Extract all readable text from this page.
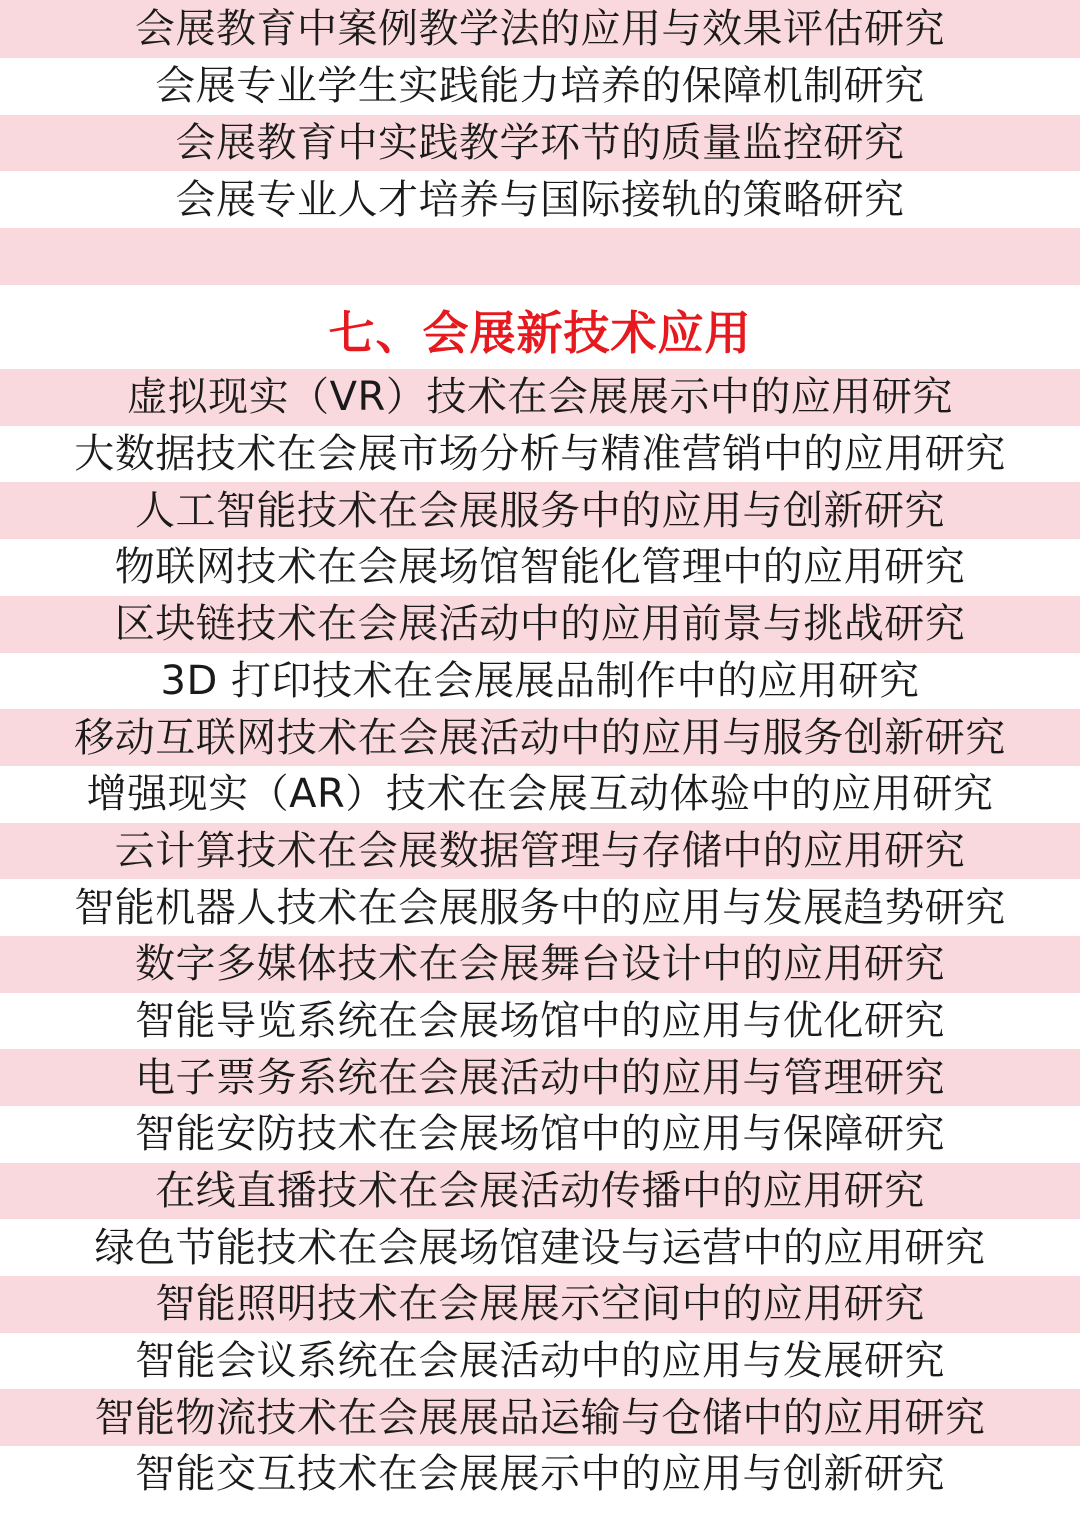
会展教育中案例教学法的应用与效果评估研究
会展专业学生实践能力培养的保障机制研究
会展教育中实践教学环节的质量监控研究
会展专业人才培养与国际接轨的策略研究
七、会展新技术应用
虚拟现实（VR）技术在会展展示中的应用研究
大数据技术在会展市场分析与精准营销中的应用研究
人工智能技术在会展服务中的应用与创新研究
物联网技术在会展场馆智能化管理中的应用研究
区块链技术在会展活动中的应用前景与挑战研究
3D 打印技术在会展展品制作中的应用研究
移动互联网技术在会展活动中的应用与服务创新研究
增强现实（AR）技术在会展互动体验中的应用研究
云计算技术在会展数据管理与存储中的应用研究
智能机器人技术在会展服务中的应用与发展趋势研究
数字多媒体技术在会展舞台设计中的应用研究
智能导览系统在会展场馆中的应用与优化研究
电子票务系统在会展活动中的应用与管理研究
智能安防技术在会展场馆中的应用与保障研究
在线直播技术在会展活动传播中的应用研究
绿色节能技术在会展场馆建设与运营中的应用研究
智能照明技术在会展展示空间中的应用研究
智能会议系统在会展活动中的应用与发展研究
智能物流技术在会展展品运输与仓储中的应用研究
智能交互技术在会展展示中的应用与创新研究
